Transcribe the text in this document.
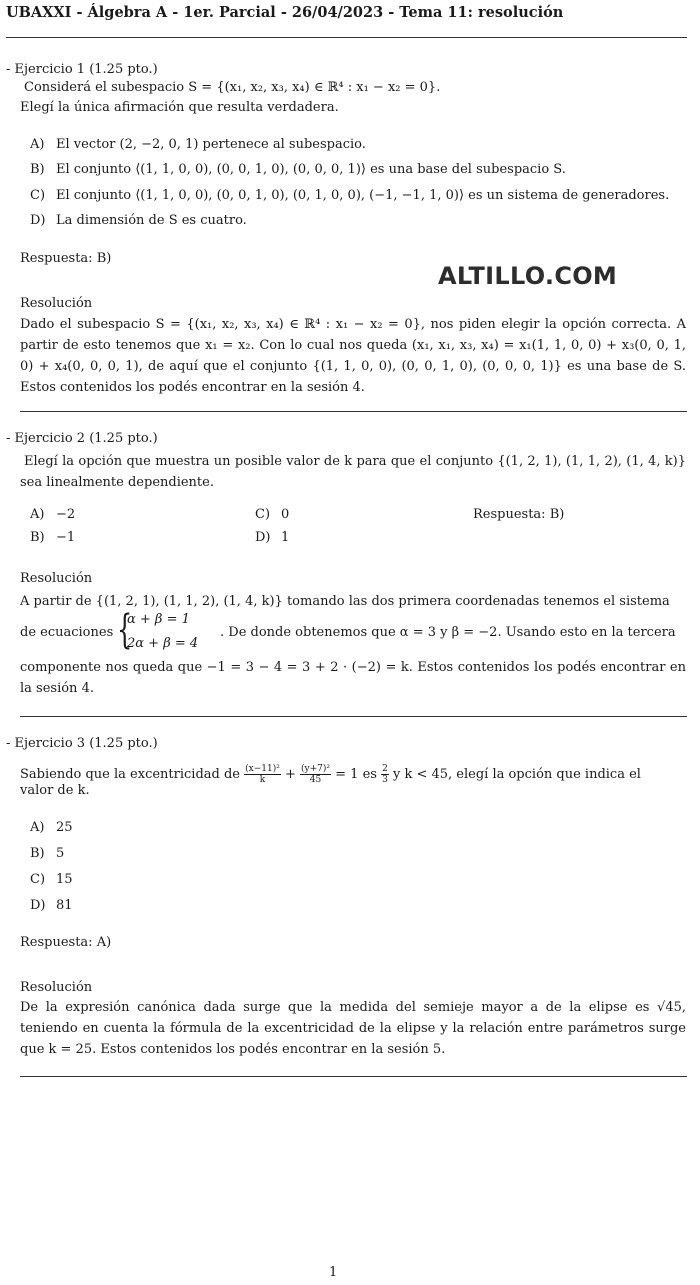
UBAXXI - Álgebra A - 1er. Parcial - 26/04/2023 - Tema 11: resolución
- Ejercicio 1 (1.25 pto.)
Considerá el subespacio S = {(x₁, x₂, x₃, x₄) ∈ ℝ⁴ : x₁ − x₂ = 0}.
Elegí la única afirmación que resulta verdadera.
A) El vector (2, −2, 0, 1) pertenece al subespacio.
B) El conjunto ⟨(1, 1, 0, 0), (0, 0, 1, 0), (0, 0, 0, 1)⟩ es una base del subespacio S.
C) El conjunto ⟨(1, 1, 0, 0), (0, 0, 1, 0), (0, 1, 0, 0), (−1, −1, 1, 0)⟩ es un sistema de generadores.
D) La dimensión de S es cuatro.
Respuesta: B)
ALTILLO.COM
Resolución
Dado el subespacio S = {(x₁, x₂, x₃, x₄) ∈ ℝ⁴ : x₁ − x₂ = 0}, nos piden elegir la opción correcta. A partir de esto tenemos que x₁ = x₂. Con lo cual nos queda (x₁, x₁, x₃, x₄) = x₁(1, 1, 0, 0) + x₃(0, 0, 1, 0) + x₄(0, 0, 0, 1), de aquí que el conjunto {(1, 1, 0, 0), (0, 0, 1, 0), (0, 0, 0, 1)} es una base de S. Estos contenidos los podés encontrar en la sesión 4.
- Ejercicio 2 (1.25 pto.)
Elegí la opción que muestra un posible valor de k para que el conjunto {(1, 2, 1), (1, 1, 2), (1, 4, k)} sea linealmente dependiente.
A) −2
B) −1
C) 0
D) 1
Respuesta: B)
Resolución
A partir de {(1, 2, 1), (1, 1, 2), (1, 4, k)} tomando las dos primera coordenadas tenemos el sistema
de ecuaciones {
α + β = 1
2α + β = 4
. De donde obtenemos que α = 3 y β = −2. Usando esto en la tercera
componente nos queda que −1 = 3 − 4 = 3 + 2 · (−2) = k. Estos contenidos los podés encontrar en la sesión 4.
- Ejercicio 3 (1.25 pto.)
Sabiendo que la excentricidad de $\frac{\text{(x−11)²}}{k} + \frac{\text{(y+7)²}}{45} = 1$ es $\frac{2}{3}$ y k < 45, elegí la opción que indica el
valor de k.
A) 25
B) 5
C) 15
D) 81
Respuesta: A)
Resolución
De la expresión canónica dada surge que la medida del semieje mayor a de la elipse es √45, teniendo en cuenta la fórmula de la excentricidad de la elipse y la relación entre parámetros surge que k = 25. Estos contenidos los podés encontrar en la sesión 5.
1
